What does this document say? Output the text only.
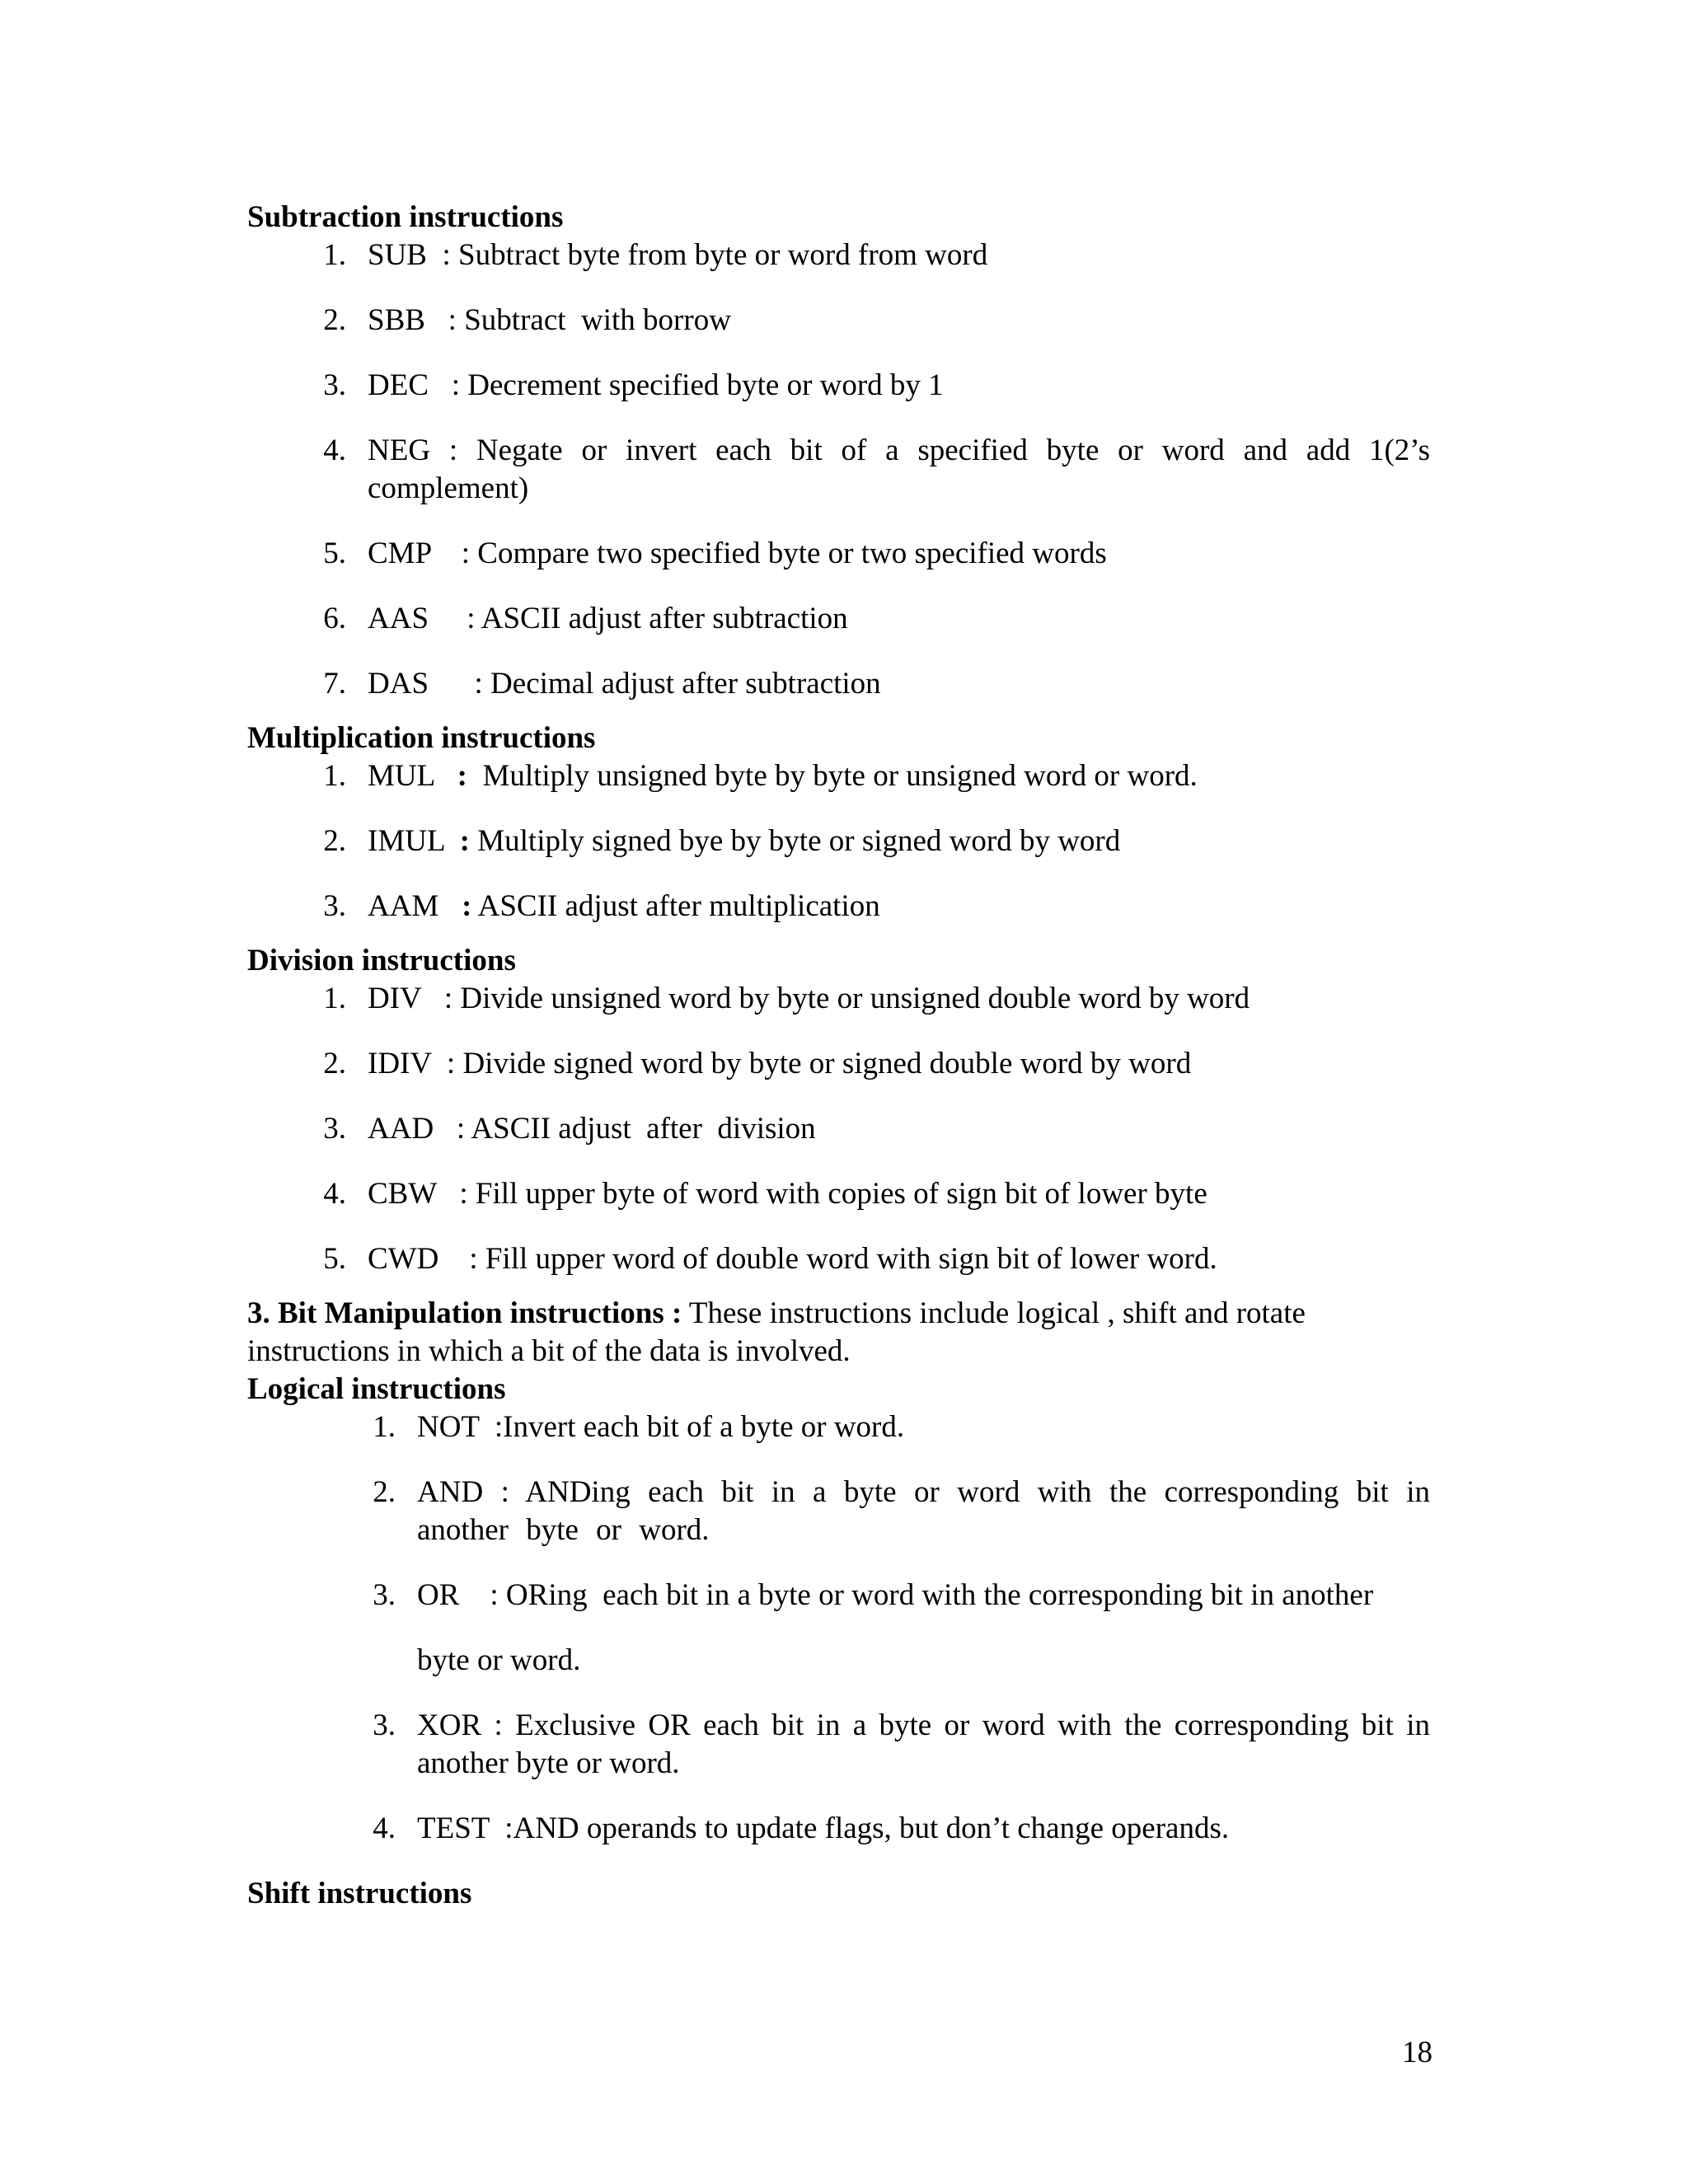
Subtraction instructions

1. SUB  : Subtract byte from byte or word from word
2. SBB   : Subtract  with borrow
3. DEC   : Decrement specified byte or word by 1
4. NEG : Negate or invert each bit of a specified byte or word and add 1(2’s complement)
5. CMP    : Compare two specified byte or two specified words
6. AAS     : ASCII adjust after subtraction
7. DAS      : Decimal adjust after subtraction

Multiplication instructions

1. MUL   :  Multiply unsigned byte by byte or unsigned word or word.
2. IMUL  : Multiply signed bye by byte or signed word by word
3. AAM   : ASCII adjust after multiplication

Division instructions

1. DIV   : Divide unsigned word by byte or unsigned double word by word
2. IDIV  : Divide signed word by byte or signed double word by word
3. AAD   : ASCII adjust  after  division
4. CBW   : Fill upper byte of word with copies of sign bit of lower byte
5. CWD    : Fill upper word of double word with sign bit of lower word.

3. Bit Manipulation instructions : These instructions include logical , shift and rotate instructions in which a bit of the data is involved.

Logical instructions

1. NOT  :Invert each bit of a byte or word.
2. AND : ANDing each bit in a byte or word with the corresponding bit in another byte or word.
3. OR    : ORing  each bit in a byte or word with the corresponding bit in another
byte or word.
3. XOR : Exclusive OR each bit in a byte or word with the corresponding bit in another byte or word.
4. TEST  :AND operands to update flags, but don’t change operands.

Shift instructions

18
